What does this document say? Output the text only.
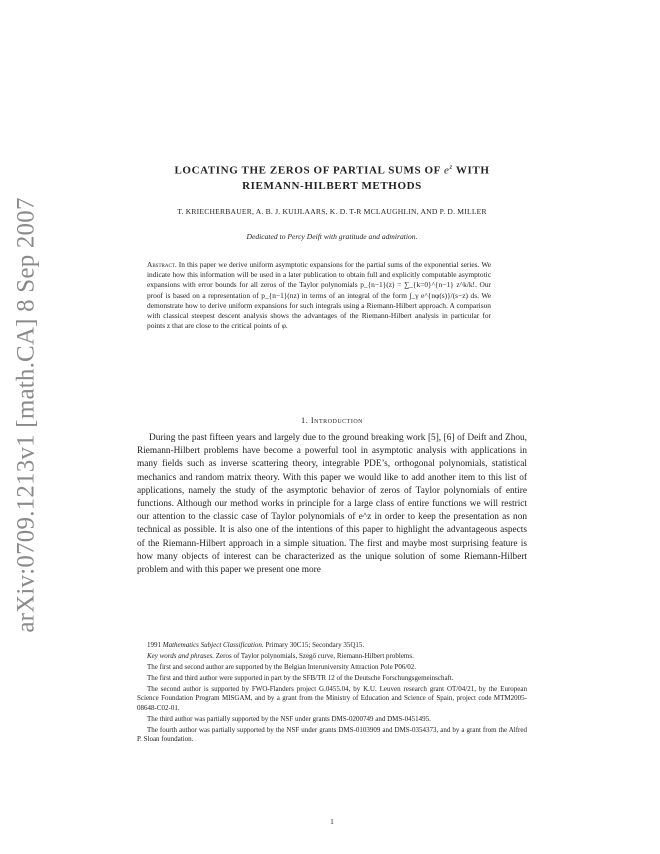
arXiv:0709.1213v1 [math.CA] 8 Sep 2007
LOCATING THE ZEROS OF PARTIAL SUMS OF $e^z$ WITH
RIEMANN-HILBERT METHODS
T. KRIECHERBAUER, A. B. J. KUIJLAARS, K. D. T-R MCLAUGHLIN, AND P. D. MILLER
Dedicated to Percy Deift with gratitude and admiration.
Abstract. In this paper we derive uniform asymptotic expansions for the partial sums of the exponential series. We indicate how this information will be used in a later publication to obtain full and explicitly computable asymptotic expansions with error bounds for all zeros of the Taylor polynomials p_{n−1}(z) = ∑_{k=0}^{n−1} z^k/k!. Our proof is based on a representation of p_{n−1}(nz) in terms of an integral of the form ∫_γ e^{nφ(s)}/(s−z) ds. We demonstrate how to derive uniform expansions for such integrals using a Riemann-Hilbert approach. A comparison with classical steepest descent analysis shows the advantages of the Riemann-Hilbert analysis in particular for points z that are close to the critical points of φ.
1. Introduction
During the past fifteen years and largely due to the ground breaking work [5], [6] of Deift and Zhou, Riemann-Hilbert problems have become a powerful tool in asymptotic analysis with applications in many fields such as inverse scattering theory, integrable PDE’s, orthogonal polynomials, statistical mechanics and random matrix theory. With this paper we would like to add another item to this list of applications, namely the study of the asymptotic behavior of zeros of Taylor polynomials of entire functions. Although our method works in principle for a large class of entire functions we will restrict our attention to the classic case of Taylor polynomials of e^z in order to keep the presentation as non technical as possible. It is also one of the intentions of this paper to highlight the advantageous aspects of the Riemann-Hilbert approach in a simple situation. The first and maybe most surprising feature is how many objects of interest can be characterized as the unique solution of some Riemann-Hilbert problem and with this paper we present one more
1991 Mathematics Subject Classification. Primary 30C15; Secondary 35Q15.
Key words and phrases. Zeros of Taylor polynomials, Szegő curve, Riemann-Hilbert problems.
The first and second author are supported by the Belgian Interuniversity Attraction Pole P06/02.
The first and third author were supported in part by the SFB/TR 12 of the Deutsche Forschungsgemeinschaft.
The second author is supported by FWO-Flanders project G.0455.04, by K.U. Leuven research grant OT/04/21, by the European Science Foundation Program MISGAM, and by a grant from the Ministry of Education and Science of Spain, project code MTM2005-08648-C02-01.
The third author was partially supported by the NSF under grants DMS-0200749 and DMS-0451495.
The fourth author was partially supported by the NSF under grants DMS-0103909 and DMS-0354373, and by a grant from the Alfred P. Sloan foundation.
1
